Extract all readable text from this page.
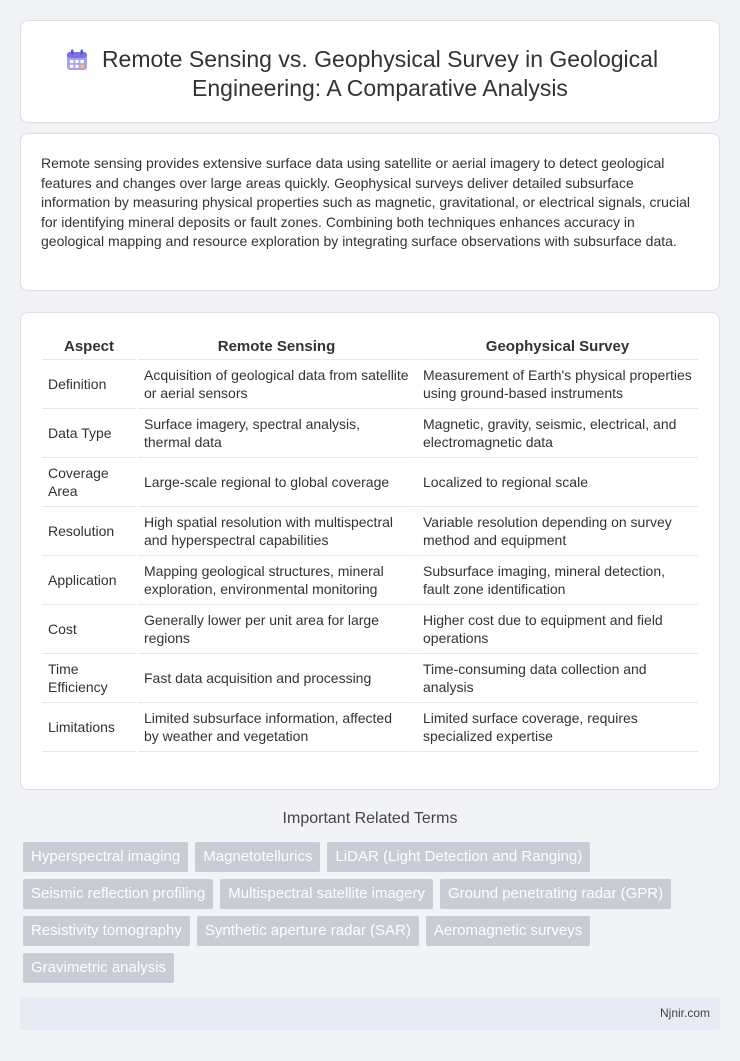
Remote Sensing vs. Geophysical Survey in Geological Engineering: A Comparative Analysis

Remote sensing provides extensive surface data using satellite or aerial imagery to detect geological features and changes over large areas quickly. Geophysical surveys deliver detailed subsurface information by measuring physical properties such as magnetic, gravitational, or electrical signals, crucial for identifying mineral deposits or fault zones. Combining both techniques enhances accuracy in geological mapping and resource exploration by integrating surface observations with subsurface data.

Aspect	Remote Sensing	Geophysical Survey
Definition	Acquisition of geological data from satellite or aerial sensors	Measurement of Earth's physical properties using ground-based instruments
Data Type	Surface imagery, spectral analysis, thermal data	Magnetic, gravity, seismic, electrical, and electromagnetic data
Coverage Area	Large-scale regional to global coverage	Localized to regional scale
Resolution	High spatial resolution with multispectral and hyperspectral capabilities	Variable resolution depending on survey method and equipment
Application	Mapping geological structures, mineral exploration, environmental monitoring	Subsurface imaging, mineral detection, fault zone identification
Cost	Generally lower per unit area for large regions	Higher cost due to equipment and field operations
Time Efficiency	Fast data acquisition and processing	Time-consuming data collection and analysis
Limitations	Limited subsurface information, affected by weather and vegetation	Limited surface coverage, requires specialized expertise
Important Related Terms
Hyperspectral imaging	Magnetotellurics	LiDAR (Light Detection and Ranging)
Seismic reflection profiling	Multispectral satellite imagery	Ground penetrating radar (GPR)
Resistivity tomography	Synthetic aperture radar (SAR)	Aeromagnetic surveys
Gravimetric analysis
Njnir.com
